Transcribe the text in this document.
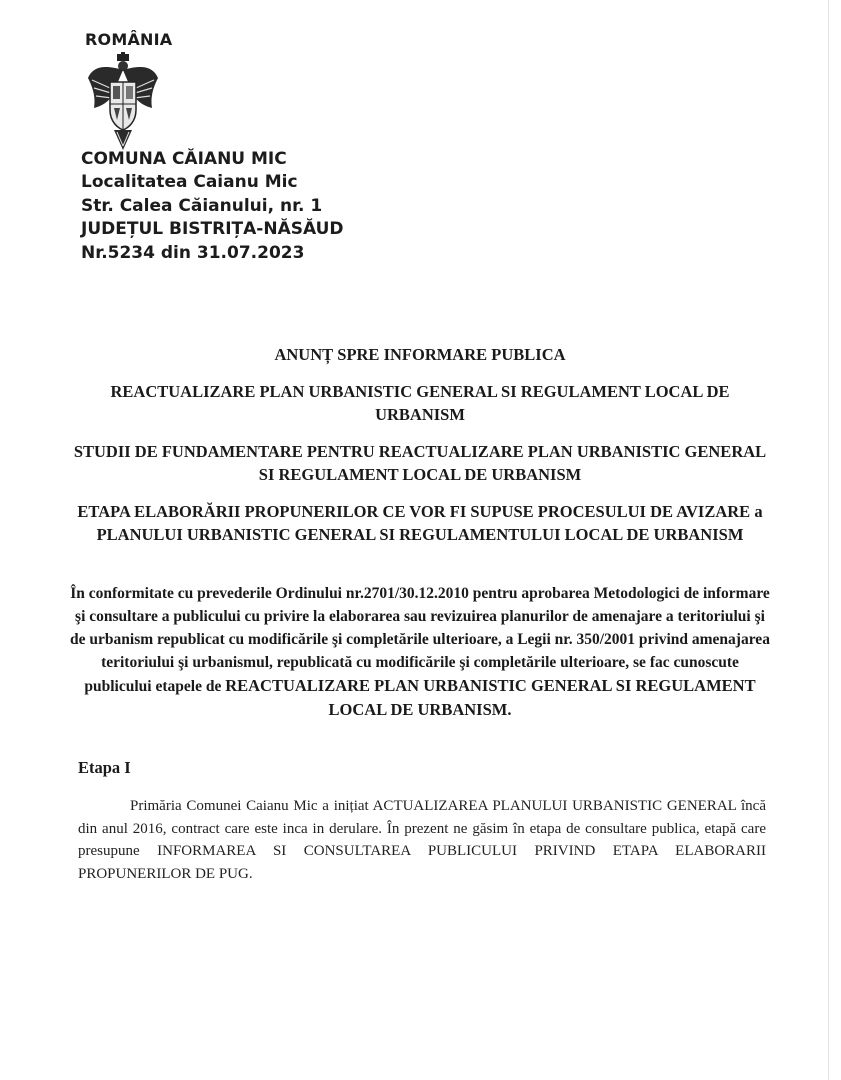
ROMÂNIA
COMUNA CĂIANU MIC
Localitatea Caianu Mic
Str. Calea Căianului, nr. 1
JUDEȚUL BISTRIȚA-NĂSĂUD
Nr.5234 din 31.07.2023
ANUNȚ SPRE INFORMARE PUBLICA
REACTUALIZARE PLAN URBANISTIC GENERAL SI REGULAMENT LOCAL DE URBANISM
STUDII DE FUNDAMENTARE PENTRU REACTUALIZARE PLAN URBANISTIC GENERAL SI REGULAMENT LOCAL DE URBANISM
ETAPA ELABORĂRII PROPUNERILOR CE VOR FI SUPUSE PROCESULUI DE AVIZARE a PLANULUI URBANISTIC GENERAL SI REGULAMENTULUI LOCAL DE URBANISM
În conformitate cu prevederile Ordinului nr.2701/30.12.2010 pentru aprobarea Metodologici de informare şi consultare a publicului cu privire la elaborarea sau revizuirea planurilor de amenajare a teritoriului şi de urbanism republicat cu modificările şi completările ulterioare, a Legii nr. 350/2001 privind amenajarea teritoriului şi urbanismul, republicată cu modificările şi completările ulterioare, se fac cunoscute publicului etapele de REACTUALIZARE PLAN URBANISTIC GENERAL SI REGULAMENT LOCAL DE URBANISM.
Etapa I
Primăria Comunei Caianu Mic a inițiat ACTUALIZAREA PLANULUI URBANISTIC GENERAL încă din anul 2016, contract care este inca in derulare. În prezent ne găsim în etapa de consultare publica, etapă care presupune INFORMAREA SI CONSULTAREA PUBLICULUI PRIVIND ETAPA ELABORARII PROPUNERILOR DE PUG.
